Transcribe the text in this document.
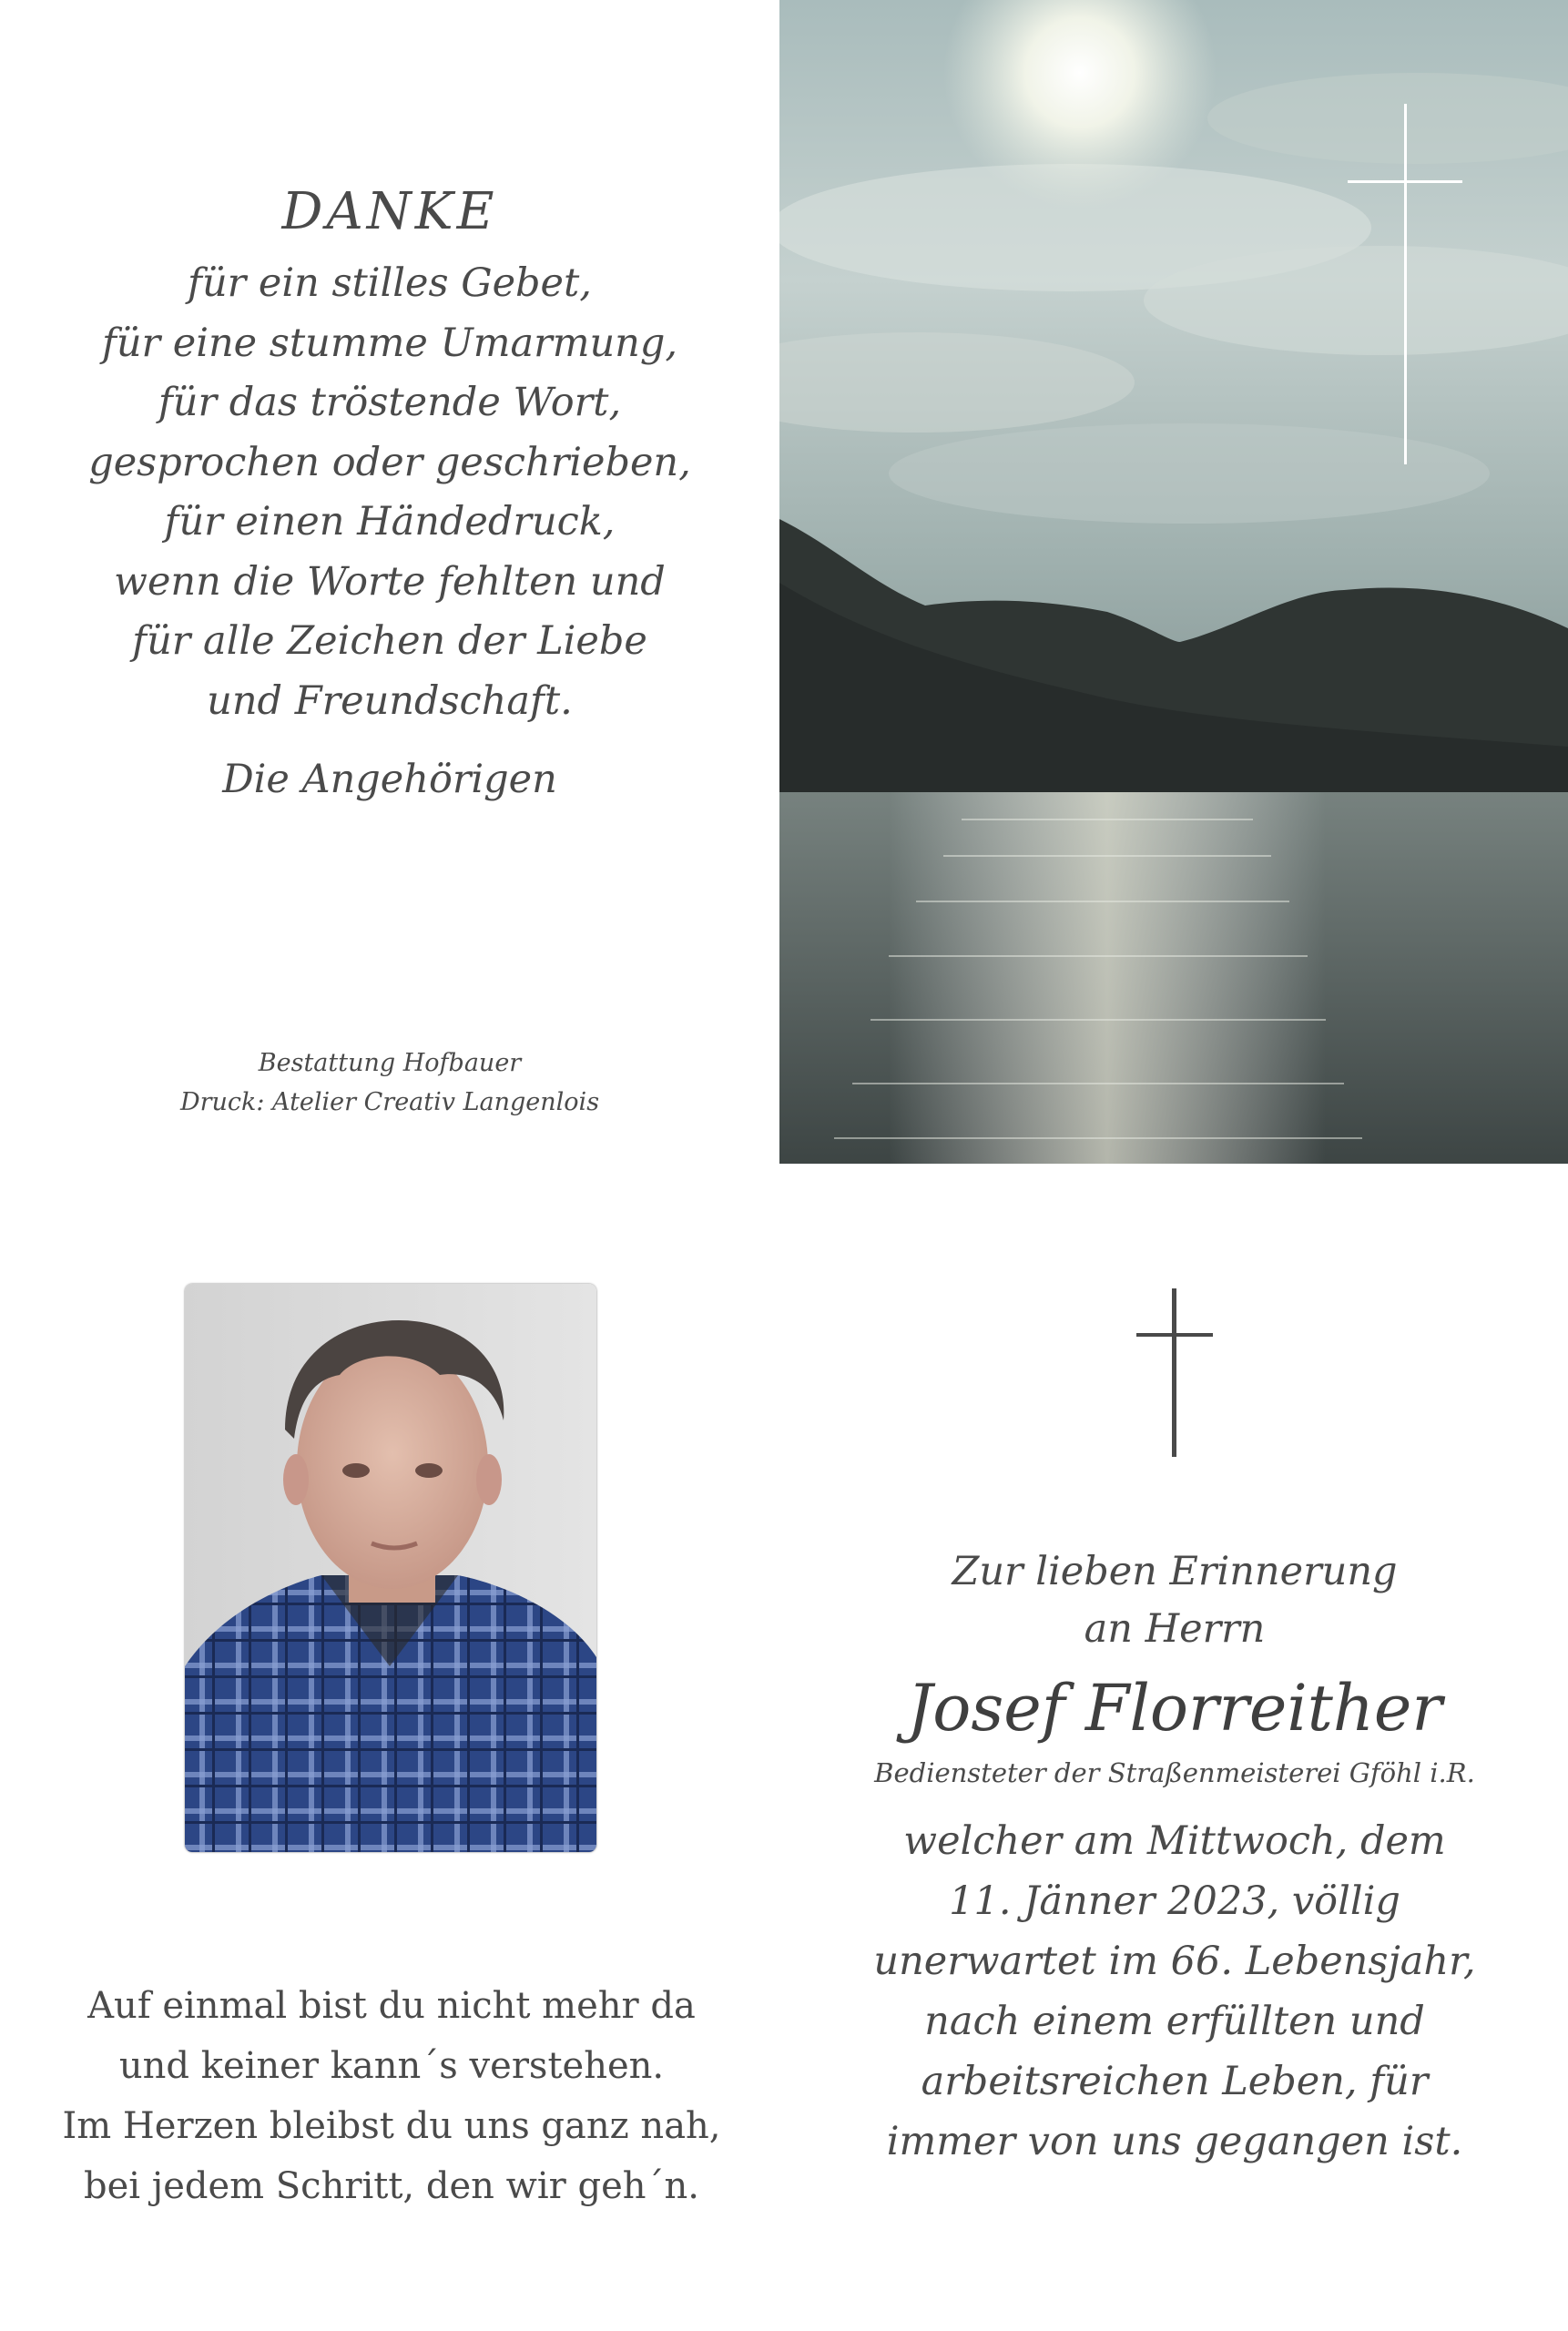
DANKE
für ein stilles Gebet,
für eine stumme Umarmung,
für das tröstende Wort,
gesprochen oder geschrieben,
für einen Händedruck,
wenn die Worte fehlten und
für alle Zeichen der Liebe
und Freundschaft.
Die Angehörigen
Bestattung Hofbauer
Druck: Atelier Creativ Langenlois
Auf einmal bist du nicht mehr da
und keiner kann´s verstehen.
Im Herzen bleibst du uns ganz nah,
bei jedem Schritt, den wir geh´n.
Zur lieben Erinnerung
an Herrn
Josef Florreither
Bediensteter der Straßenmeisterei Gföhl i.R.
welcher am Mittwoch, dem
11. Jänner 2023, völlig
unerwartet im 66. Lebensjahr,
nach einem erfüllten und
arbeitsreichen Leben, für
immer von uns gegangen ist.
